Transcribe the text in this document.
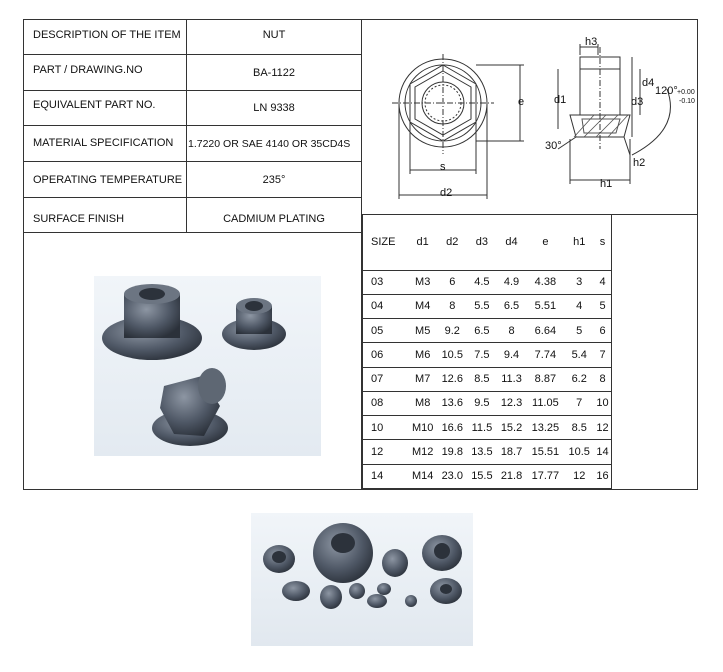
DESCRIPTION OF THE ITEM	NUT
PART / DRAWING.NO	BA-1122
EQUIVALENT PART NO.	LN 9338
MATERIAL SPECIFICATION 1.7220 OR SAE 4140 OR 35CD4S
OPERATING TEMPERATURE	235°
SURFACE FINISH	CADMIUM PLATING
e
s
d2
h3
d1
d4
d3
120° +0.00
-0.10
30°
h2
h1
SIZE	d1	d2	d3	d4	e	h1	s
03	M3	6	4.5	4.9	4.38	3	4
04	M4	8	5.5	6.5	5.51	4	5
05	M5	9.2	6.5	8	6.64	5	6
06	M6	10.5	7.5	9.4	7.74	5.4	7
07	M7	12.6	8.5	11.3	8.87	6.2	8
08	M8	13.6	9.5	12.3	11.05	7	10
10	M10	16.6	11.5	15.2	13.25	8.5	12
12	M12	19.8	13.5	18.7	15.51	10.5	14
14	M14	23.0	15.5	21.8	17.77	12	16
